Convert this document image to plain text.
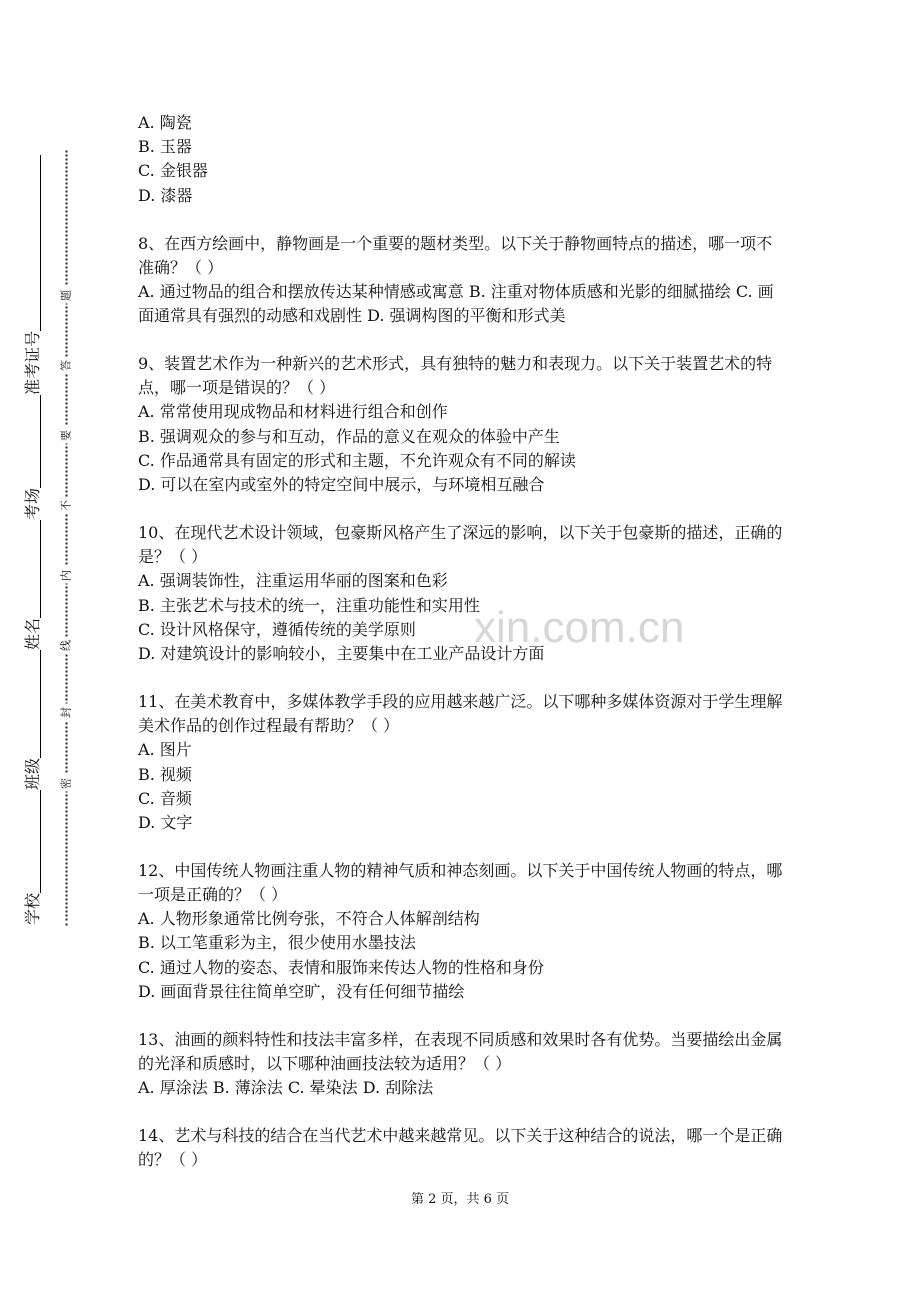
xin.com.cn
学校
班级
姓名
考场
准考证号
密
封
线
内
不
要
答
题
A. 陶瓷
B. 玉器
C. 金银器
D. 漆器
8、在西方绘画中，静物画是一个重要的题材类型。以下关于静物画特点的描述，哪一项不
准确？（ ）
A. 通过物品的组合和摆放传达某种情感或寓意 B. 注重对物体质感和光影的细腻描绘 C. 画
面通常具有强烈的动感和戏剧性 D. 强调构图的平衡和形式美
9、装置艺术作为一种新兴的艺术形式，具有独特的魅力和表现力。以下关于装置艺术的特
点，哪一项是错误的？（ ）
A. 常常使用现成物品和材料进行组合和创作
B. 强调观众的参与和互动，作品的意义在观众的体验中产生
C. 作品通常具有固定的形式和主题，不允许观众有不同的解读
D. 可以在室内或室外的特定空间中展示，与环境相互融合
10、在现代艺术设计领域，包豪斯风格产生了深远的影响，以下关于包豪斯的描述，正确的
是？（ ）
A. 强调装饰性，注重运用华丽的图案和色彩
B. 主张艺术与技术的统一，注重功能性和实用性
C. 设计风格保守，遵循传统的美学原则
D. 对建筑设计的影响较小，主要集中在工业产品设计方面
11、在美术教育中，多媒体教学手段的应用越来越广泛。以下哪种多媒体资源对于学生理解
美术作品的创作过程最有帮助？（ ）
A. 图片
B. 视频
C. 音频
D. 文字
12、中国传统人物画注重人物的精神气质和神态刻画。以下关于中国传统人物画的特点，哪
一项是正确的？（ ）
A. 人物形象通常比例夸张，不符合人体解剖结构
B. 以工笔重彩为主，很少使用水墨技法
C. 通过人物的姿态、表情和服饰来传达人物的性格和身份
D. 画面背景往往简单空旷，没有任何细节描绘
13、油画的颜料特性和技法丰富多样，在表现不同质感和效果时各有优势。当要描绘出金属
的光泽和质感时，以下哪种油画技法较为适用？（ ）
A. 厚涂法 B. 薄涂法 C. 晕染法 D. 刮除法
14、艺术与科技的结合在当代艺术中越来越常见。以下关于这种结合的说法，哪一个是正确
的？（ ）
第 2 页，共 6 页
